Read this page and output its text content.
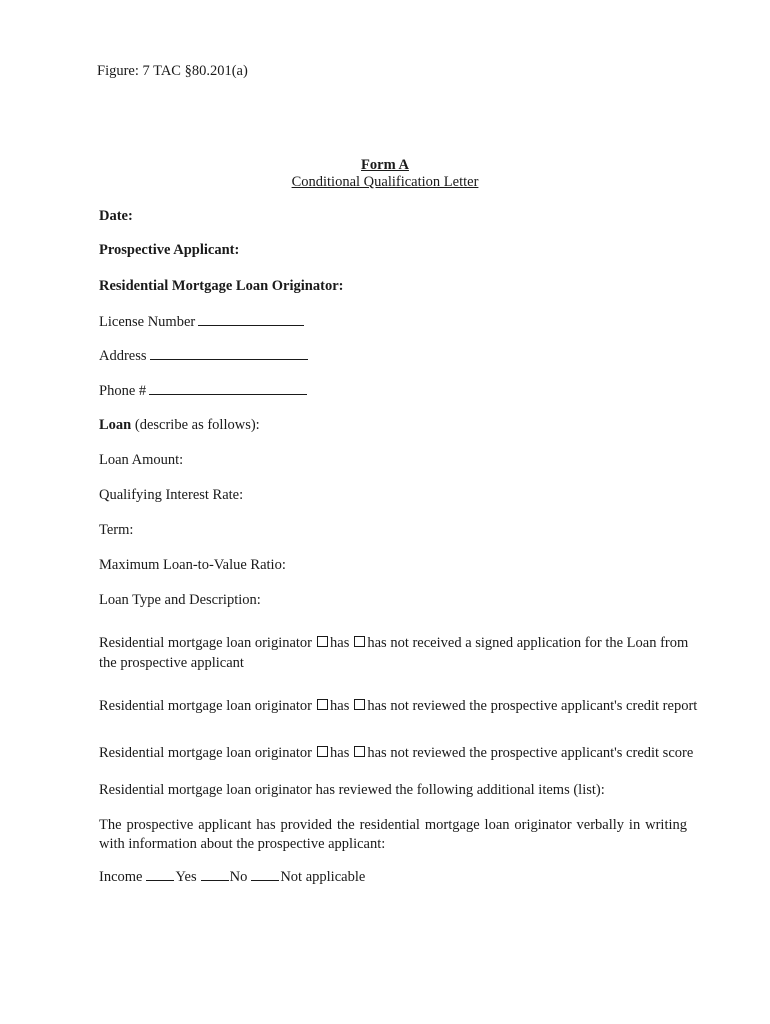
Figure: 7 TAC §80.201(a)
Form A
Conditional Qualification Letter
Date:
Prospective Applicant:
Residential Mortgage Loan Originator:
License Number
Address
Phone #
Loan (describe as follows):
Loan Amount:
Qualifying Interest Rate:
Term:
Maximum Loan-to-Value Ratio:
Loan Type and Description:
Residential mortgage loan originator has has not received a signed application for the Loan from
the prospective applicant
Residential mortgage loan originator has has not reviewed the prospective applicant's credit report
Residential mortgage loan originator has has not reviewed the prospective applicant's credit score
Residential mortgage loan originator has reviewed the following additional items (list):
The prospective applicant has provided the residential mortgage loan originator verbally in writing with information about the prospective applicant:
Income Yes No Not applicable
